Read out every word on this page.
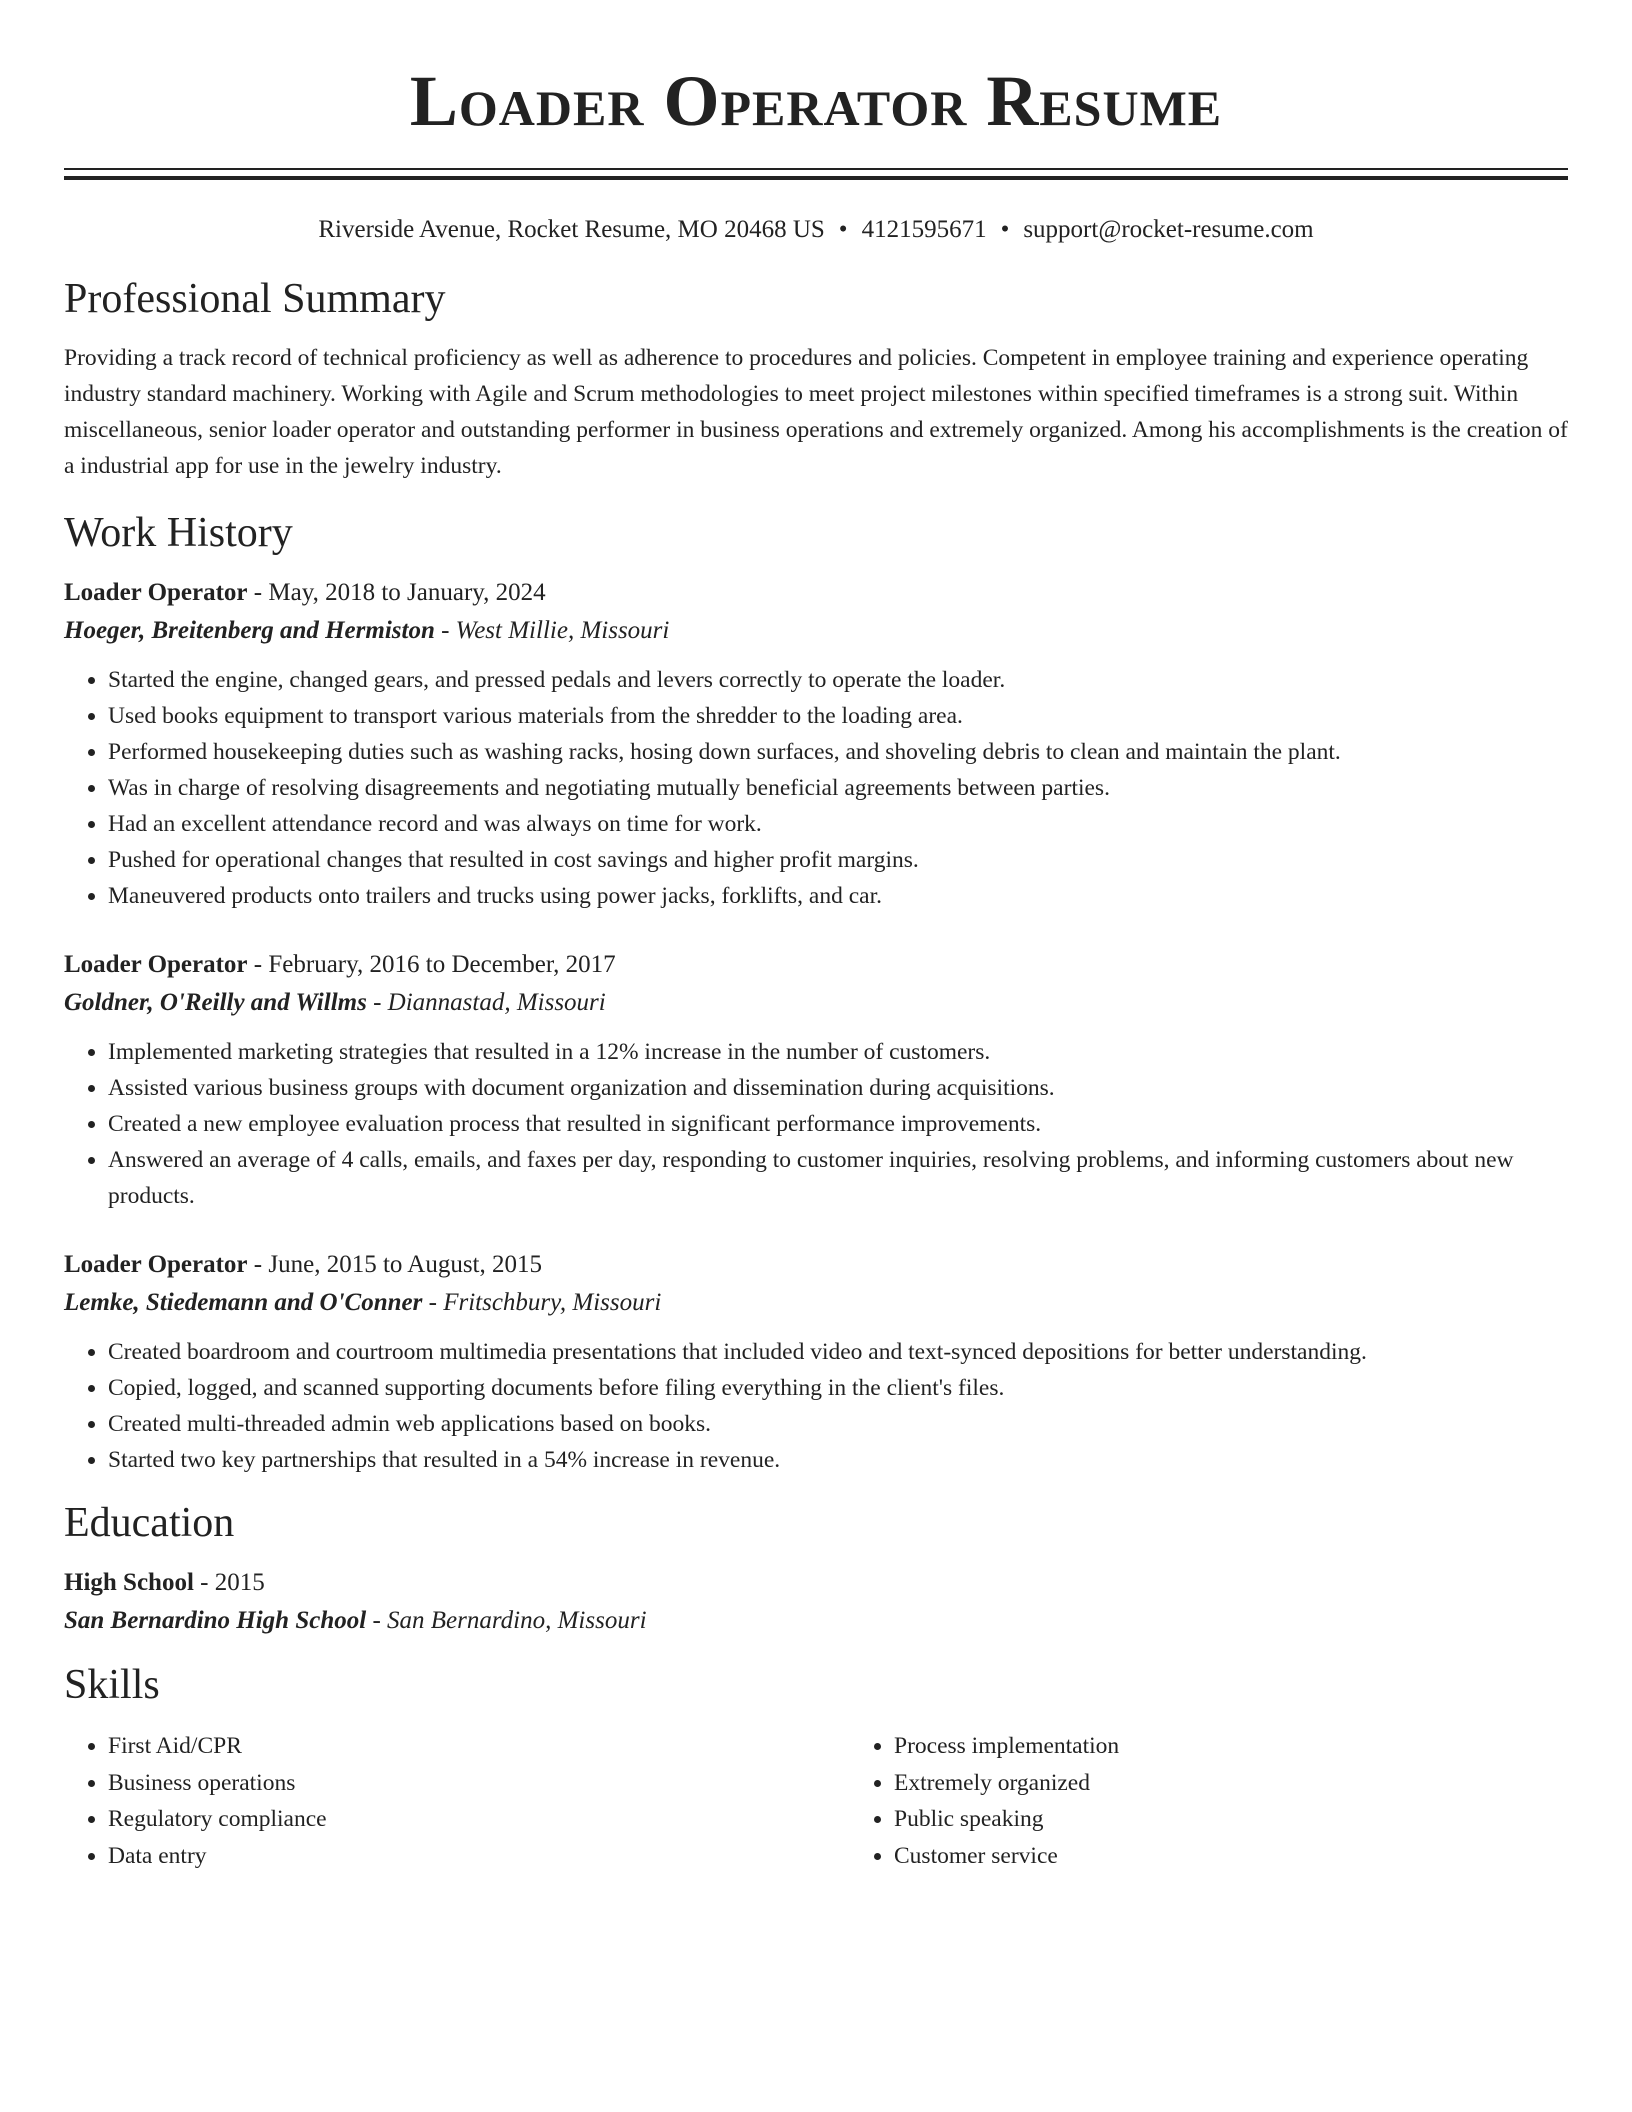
Loader Operator Resume
Riverside Avenue, Rocket Resume, MO 20468 US • 4121595671 • support@rocket-resume.com
Professional Summary
Providing a track record of technical proficiency as well as adherence to procedures and policies. Competent in employee training and experience operating industry standard machinery. Working with Agile and Scrum methodologies to meet project milestones within specified timeframes is a strong suit. Within miscellaneous, senior loader operator and outstanding performer in business operations and extremely organized. Among his accomplishments is the creation of a industrial app for use in the jewelry industry.
Work History
Loader Operator - May, 2018 to January, 2024
Hoeger, Breitenberg and Hermiston - West Millie, Missouri
• Started the engine, changed gears, and pressed pedals and levers correctly to operate the loader.
• Used books equipment to transport various materials from the shredder to the loading area.
• Performed housekeeping duties such as washing racks, hosing down surfaces, and shoveling debris to clean and maintain the plant.
• Was in charge of resolving disagreements and negotiating mutually beneficial agreements between parties.
• Had an excellent attendance record and was always on time for work.
• Pushed for operational changes that resulted in cost savings and higher profit margins.
• Maneuvered products onto trailers and trucks using power jacks, forklifts, and car.
Loader Operator - February, 2016 to December, 2017
Goldner, O'Reilly and Willms - Diannastad, Missouri
• Implemented marketing strategies that resulted in a 12% increase in the number of customers.
• Assisted various business groups with document organization and dissemination during acquisitions.
• Created a new employee evaluation process that resulted in significant performance improvements.
• Answered an average of 4 calls, emails, and faxes per day, responding to customer inquiries, resolving problems, and informing customers about new products.
Loader Operator - June, 2015 to August, 2015
Lemke, Stiedemann and O'Conner - Fritschbury, Missouri
• Created boardroom and courtroom multimedia presentations that included video and text-synced depositions for better understanding.
• Copied, logged, and scanned supporting documents before filing everything in the client's files.
• Created multi-threaded admin web applications based on books.
• Started two key partnerships that resulted in a 54% increase in revenue.
Education
High School - 2015
San Bernardino High School - San Bernardino, Missouri
Skills
• First Aid/CPR
• Business operations
• Regulatory compliance
• Data entry
• Process implementation
• Extremely organized
• Public speaking
• Customer service
